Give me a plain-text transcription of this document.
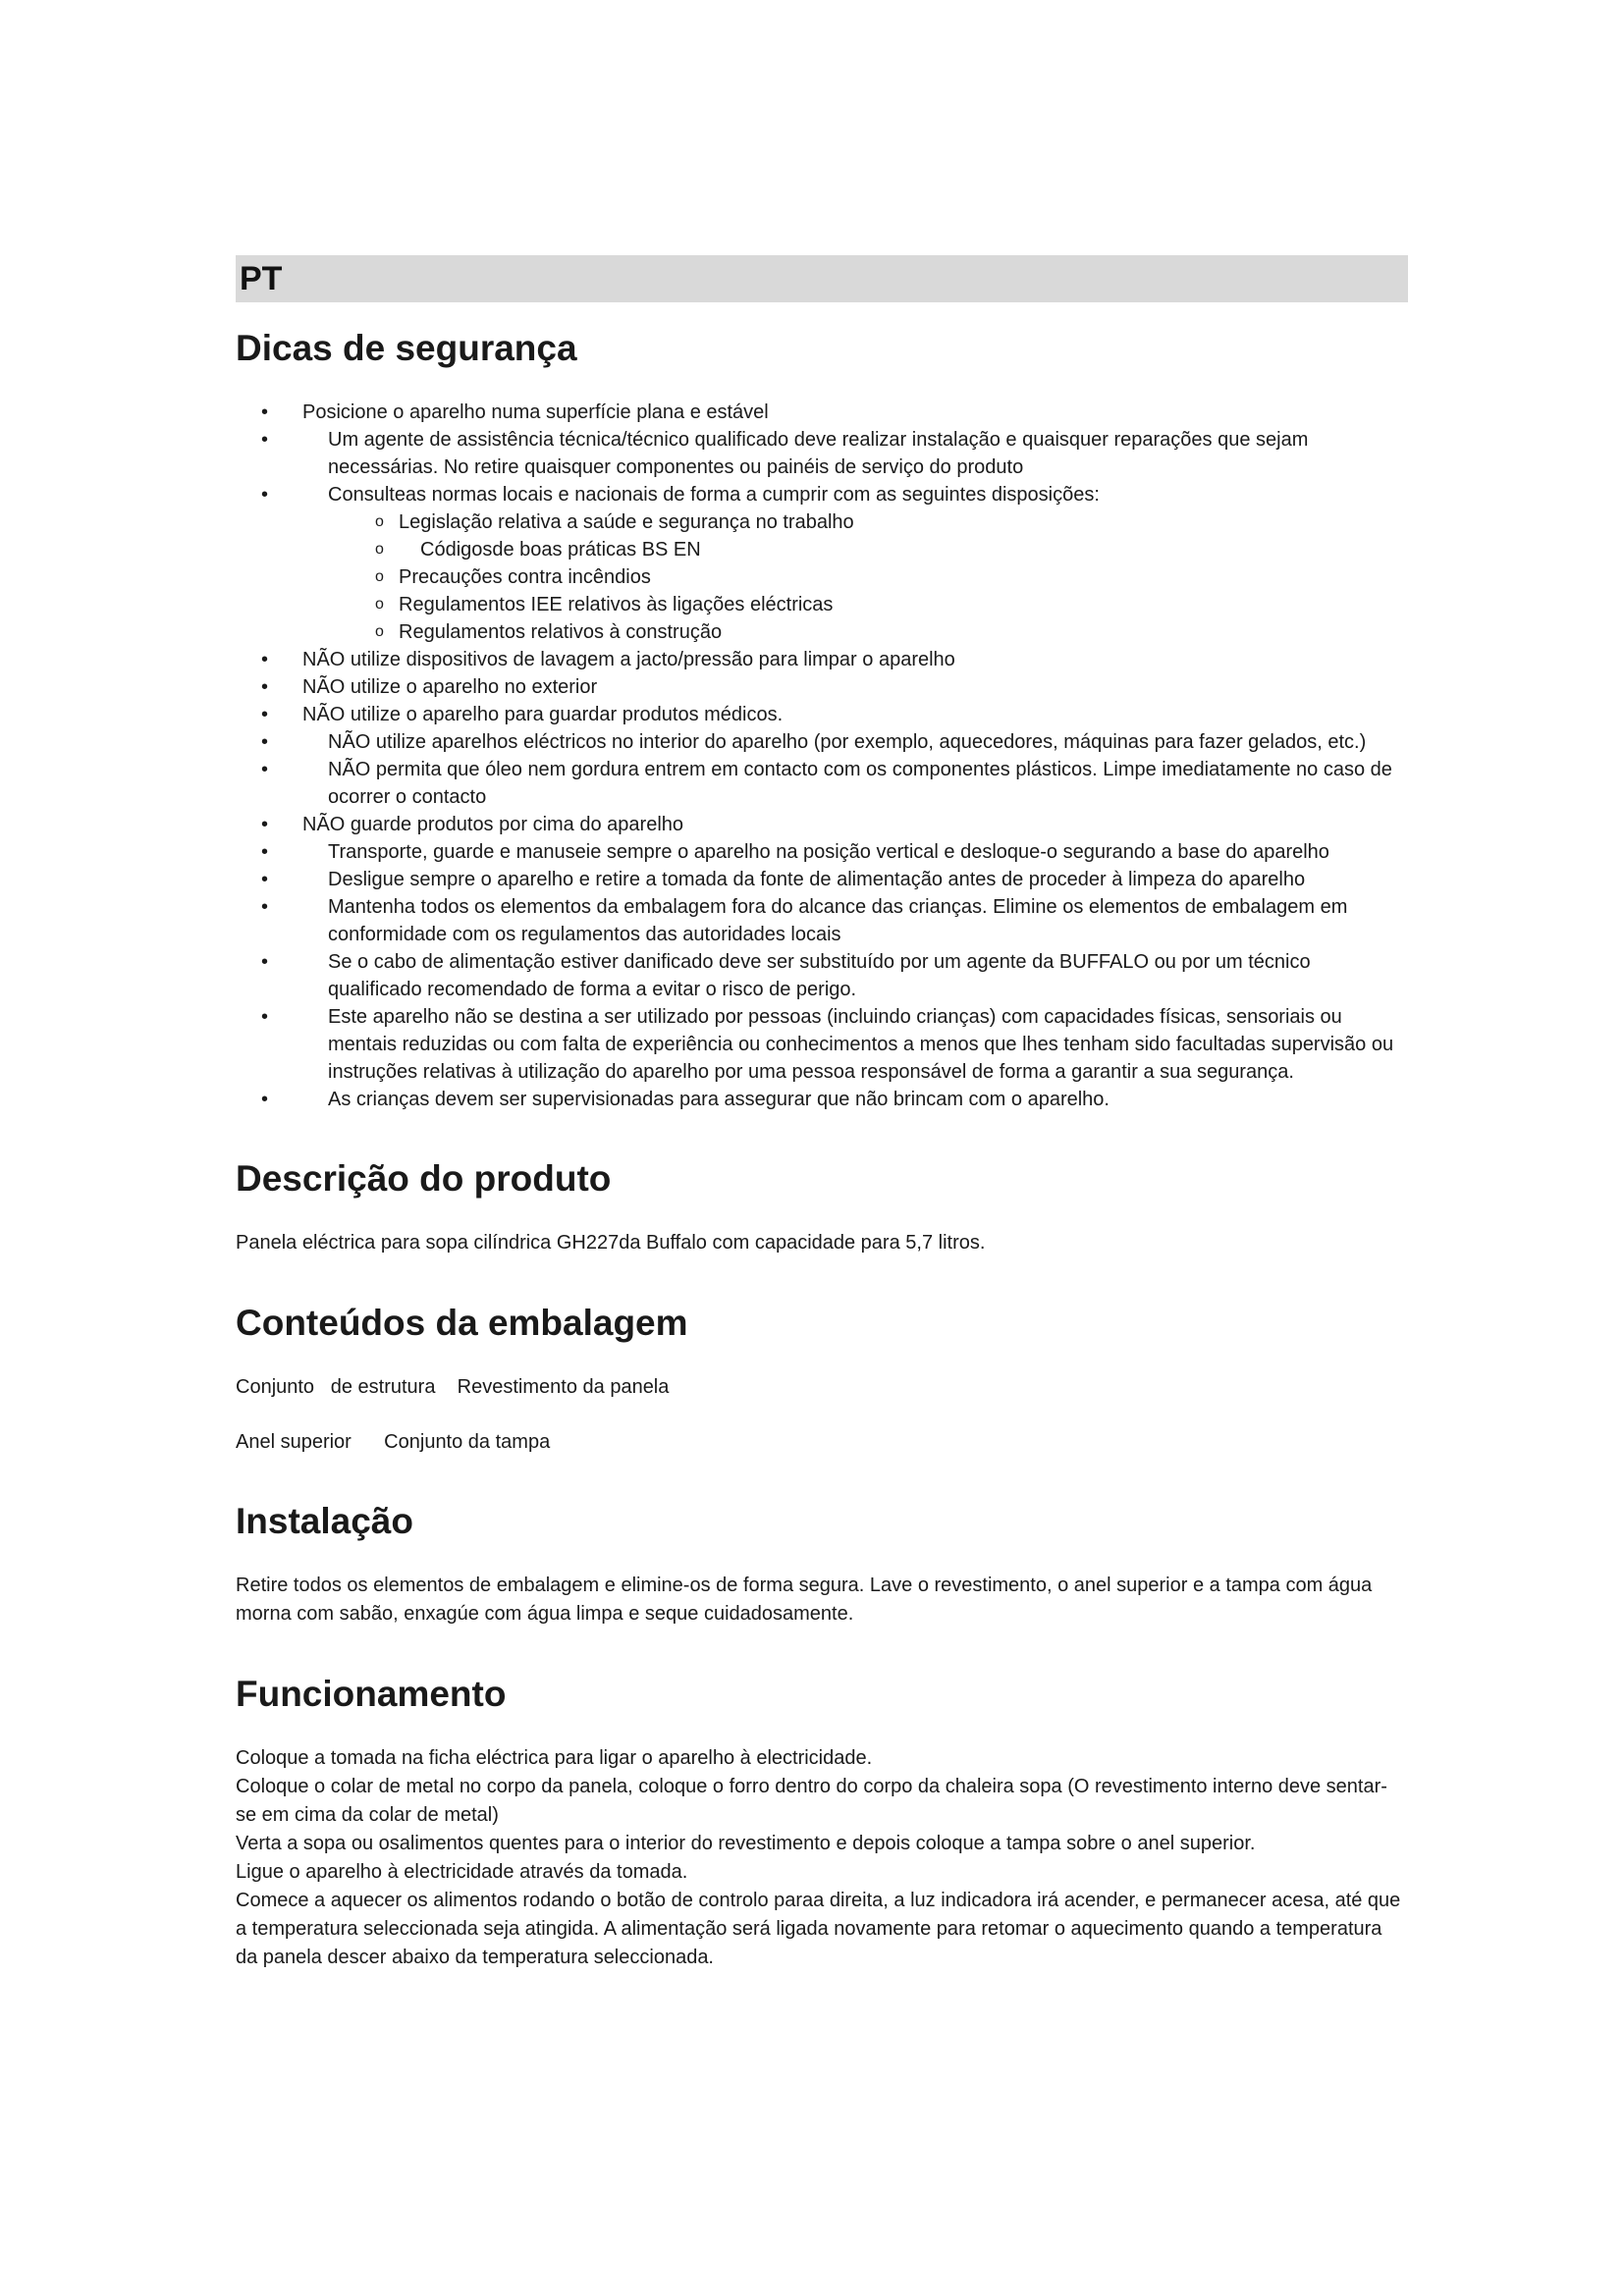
PT
Dicas de segurança
• Posicione o aparelho numa superfície plana e estável
•	Um agente de assistência técnica/técnico qualificado deve realizar instalação e quaisquer reparações que sejam necessárias. No retire quaisquer componentes ou painéis de serviço do produto
•	Consulteas normas locais e nacionais de forma a cumprir com as seguintes disposições:
o Legislação relativa a saúde e segurança no trabalho
o Códigosde boas práticas BS EN
o Precauções contra incêndios
o Regulamentos IEE relativos às ligações eléctricas
o Regulamentos relativos à construção
• NÃO utilize dispositivos de lavagem a jacto/pressão para limpar o aparelho
• NÃO utilize o aparelho no exterior
• NÃO utilize o aparelho para guardar produtos médicos.
•	NÃO utilize aparelhos eléctricos no interior do aparelho (por exemplo, aquecedores, máquinas para fazer gelados, etc.)
•	NÃO permita que óleo nem gordura entrem em contacto com os componentes plásticos. Limpe imediatamente no caso de ocorrer o contacto
• NÃO guarde produtos por cima do aparelho
•	Transporte, guarde e manuseie sempre o aparelho na posição vertical e desloque-o segurando a base do aparelho
•	Desligue sempre o aparelho e retire a tomada da fonte de alimentação antes de proceder à limpeza do aparelho
•	Mantenha todos os elementos da embalagem fora do alcance das crianças. Elimine os elementos de embalagem em conformidade com os regulamentos das autoridades locais
•	Se o cabo de alimentação estiver danificado deve ser substituído por um agente da BUFFALO ou por um técnico qualificado recomendado de forma a evitar o risco de perigo.
•	Este aparelho não se destina a ser utilizado por pessoas (incluindo crianças) com capacidades físicas, sensoriais ou mentais reduzidas ou com falta de experiência ou conhecimentos a menos que lhes tenham sido facultadas supervisão ou instruções relativas à utilização do aparelho por uma pessoa responsável de forma a garantir a sua segurança.
•	As crianças devem ser supervisionadas para assegurar que não brincam com o aparelho.
Descrição do produto

Panela eléctrica para sopa cilíndrica GH227da Buffalo com capacidade para 5,7 litros.

Conteúdos da embalagem

Conjunto   de estrutura    Revestimento da panela

Anel superior      Conjunto da tampa

Instalação

Retire todos os elementos de embalagem e elimine-os de forma segura. Lave o revestimento, o anel superior e a tampa com água morna com sabão, enxagúe com água limpa e seque cuidadosamente.

Funcionamento

Coloque a tomada na ficha eléctrica para ligar o aparelho à electricidade.

Coloque o colar de metal no corpo da panela, coloque o forro dentro do corpo da chaleira sopa (O revestimento interno deve sentar-se em cima da colar de metal)

Verta a sopa ou osalimentos quentes para o interior do revestimento e depois coloque a tampa sobre o anel superior.

Ligue o aparelho à electricidade através da tomada.

Comece a aquecer os alimentos rodando o botão de controlo paraa direita, a luz indicadora irá acender, e permanecer acesa, até que a temperatura seleccionada seja atingida. A alimentação será ligada novamente para retomar o aquecimento quando a temperatura da panela descer abaixo da temperatura seleccionada.
